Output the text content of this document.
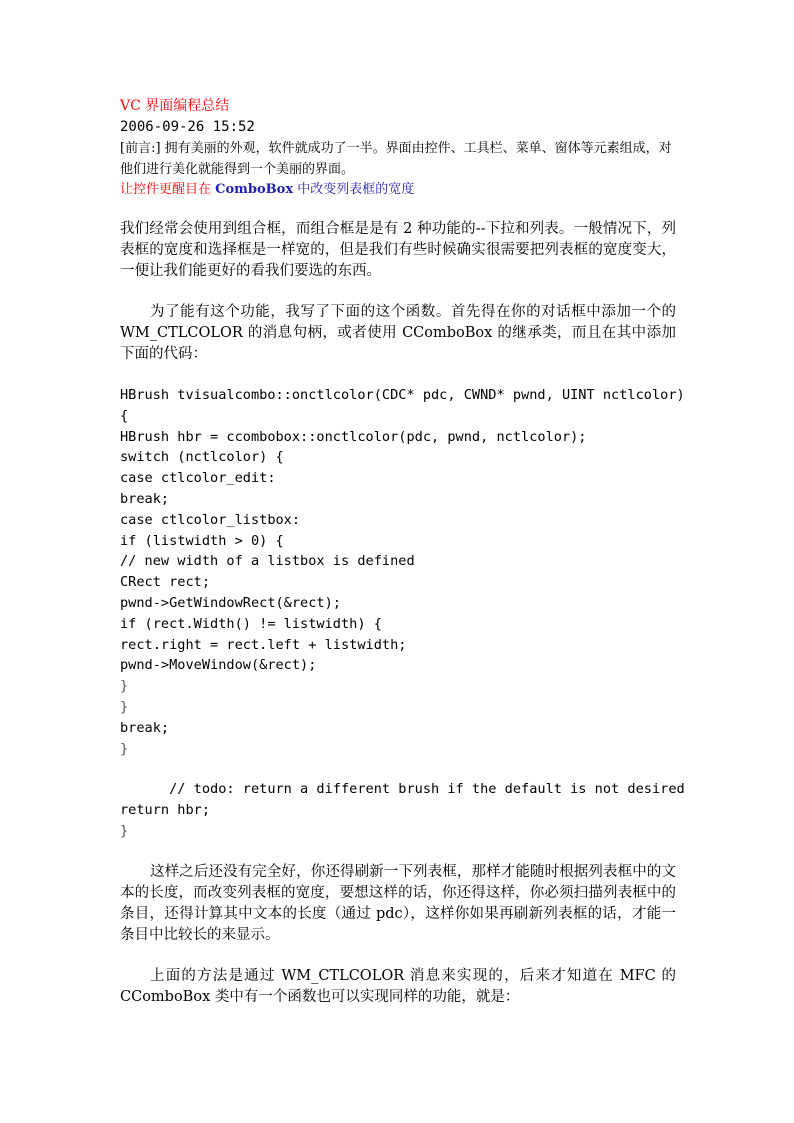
VC 界面编程总结
2006-09-26 15:52
[前言:] 拥有美丽的外观，软件就成功了一半。界面由控件、工具栏、菜单、窗体等元素组成，对他们进行美化就能得到一个美丽的界面。
让控件更醒目在 ComboBox 中改变列表框的宽度
我们经常会使用到组合框，而组合框是是有 2 种功能的--下拉和列表。一般情况下，列表框的宽度和选择框是一样宽的，但是我们有些时候确实很需要把列表框的宽度变大，一便让我们能更好的看我们要选的东西。
为了能有这个功能，我写了下面的这个函数。首先得在你的对话框中添加一个的 WM_CTLCOLOR 的消息句柄，或者使用 CComboBox 的继承类，而且在其中添加下面的代码：
HBrush tvisualcombo::onctlcolor(CDC* pdc, CWND* pwnd, UINT nctlcolor)
{
HBrush hbr = ccombobox::onctlcolor(pdc, pwnd, nctlcolor);
switch (nctlcolor) {
case ctlcolor_edit:
break;
case ctlcolor_listbox:
if (listwidth > 0) {
// new width of a listbox is defined
CRect rect;
pwnd->GetWindowRect(&rect);
if (rect.Width() != listwidth) {
rect.right = rect.left + listwidth;
pwnd->MoveWindow(&rect);
}
}
break;
}
// todo: return a different brush if the default is not desired
return hbr;
}
这样之后还没有完全好，你还得刷新一下列表框，那样才能随时根据列表框中的文本的长度，而改变列表框的宽度，要想这样的话，你还得这样，你必须扫描列表框中的条目，还得计算其中文本的长度（通过 pdc），这样你如果再刷新列表框的话，才能一条目中比较长的来显示。
上面的方法是通过 WM_CTLCOLOR 消息来实现的，后来才知道在 MFC 的 CComboBox 类中有一个函数也可以实现同样的功能，就是：
